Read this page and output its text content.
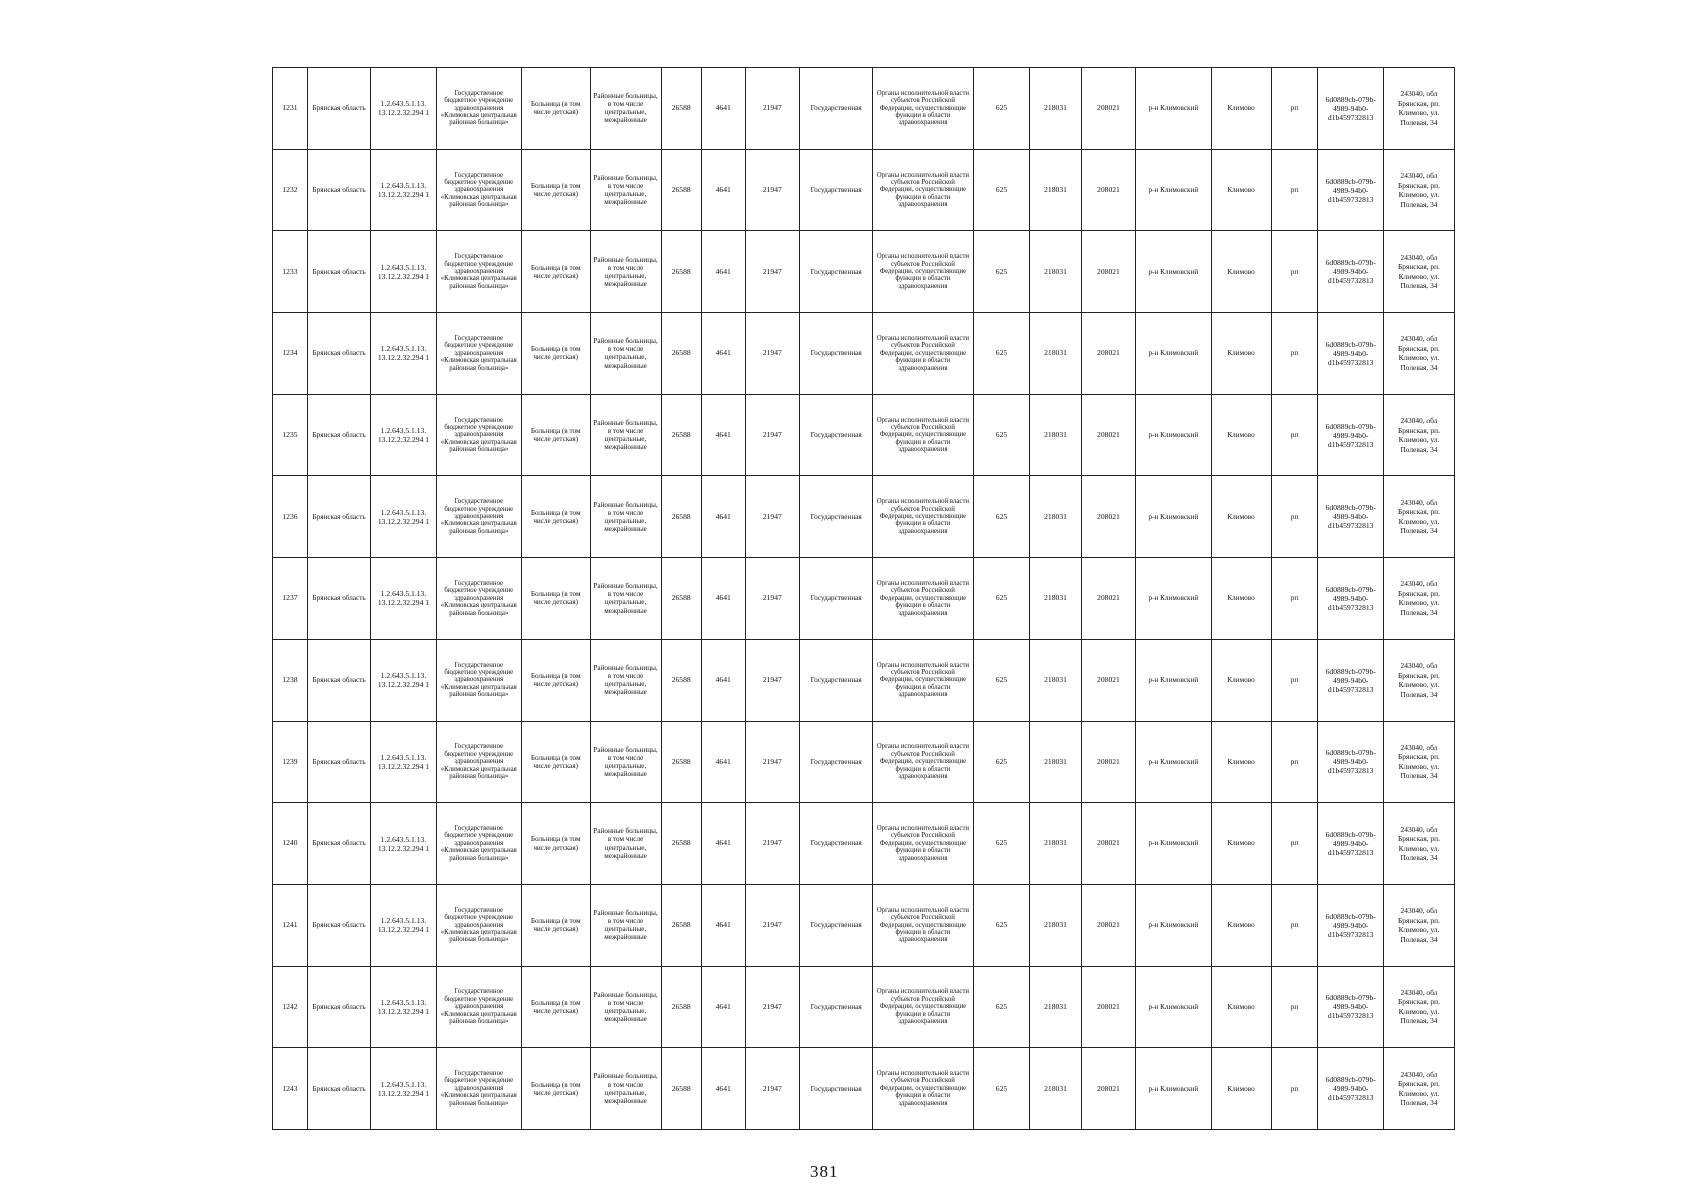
1231	Брянская область	1.2.643.5.1.13. 13.12.2.32.294 1	Государственное бюджетное учреждение здравоохранения «Климовская центральная районная больница»	Больница (в том числе детская)	Районные больницы, в том числе центральные, межрайонные	26588	4641	21947	Государственная	Органы исполнительной власти субъектов Российской Федерации, осуществляющие функции в области здравоохранения	625	218031	208021	р-н Климовский	Климово	рп	6d0889cb-079b-4989-94b0-d1b459732813	243040, обл Брянская, рп. Климово, ул. Полевая, 34
1232	Брянская область	1.2.643.5.1.13. 13.12.2.32.294 1	Государственное бюджетное учреждение здравоохранения «Климовская центральная районная больница»	Больница (в том числе детская)	Районные больницы, в том числе центральные, межрайонные	26588	4641	21947	Государственная	Органы исполнительной власти субъектов Российской Федерации, осуществляющие функции в области здравоохранения	625	218031	208021	р-н Климовский	Климово	рп	6d0889cb-079b-4989-94b0-d1b459732813	243040, обл Брянская, рп. Климово, ул. Полевая, 34
1233	Брянская область	1.2.643.5.1.13. 13.12.2.32.294 1	Государственное бюджетное учреждение здравоохранения «Климовская центральная районная больница»	Больница (в том числе детская)	Районные больницы, в том числе центральные, межрайонные	26588	4641	21947	Государственная	Органы исполнительной власти субъектов Российской Федерации, осуществляющие функции в области здравоохранения	625	218031	208021	р-н Климовский	Климово	рп	6d0889cb-079b-4989-94b0-d1b459732813	243040, обл Брянская, рп. Климово, ул. Полевая, 34
1234	Брянская область	1.2.643.5.1.13. 13.12.2.32.294 1	Государственное бюджетное учреждение здравоохранения «Климовская центральная районная больница»	Больница (в том числе детская)	Районные больницы, в том числе центральные, межрайонные	26588	4641	21947	Государственная	Органы исполнительной власти субъектов Российской Федерации, осуществляющие функции в области здравоохранения	625	218031	208021	р-н Климовский	Климово	рп	6d0889cb-079b-4989-94b0-d1b459732813	243040, обл Брянская, рп. Климово, ул. Полевая, 34
1235	Брянская область	1.2.643.5.1.13. 13.12.2.32.294 1	Государственное бюджетное учреждение здравоохранения «Климовская центральная районная больница»	Больница (в том числе детская)	Районные больницы, в том числе центральные, межрайонные	26588	4641	21947	Государственная	Органы исполнительной власти субъектов Российской Федерации, осуществляющие функции в области здравоохранения	625	218031	208021	р-н Климовский	Климово	рп	6d0889cb-079b-4989-94b0-d1b459732813	243040, обл Брянская, рп. Климово, ул. Полевая, 34
1236	Брянская область	1.2.643.5.1.13. 13.12.2.32.294 1	Государственное бюджетное учреждение здравоохранения «Климовская центральная районная больница»	Больница (в том числе детская)	Районные больницы, в том числе центральные, межрайонные	26588	4641	21947	Государственная	Органы исполнительной власти субъектов Российской Федерации, осуществляющие функции в области здравоохранения	625	218031	208021	р-н Климовский	Климово	рп	6d0889cb-079b-4989-94b0-d1b459732813	243040, обл Брянская, рп. Климово, ул. Полевая, 34
1237	Брянская область	1.2.643.5.1.13. 13.12.2.32.294 1	Государственное бюджетное учреждение здравоохранения «Климовская центральная районная больница»	Больница (в том числе детская)	Районные больницы, в том числе центральные, межрайонные	26588	4641	21947	Государственная	Органы исполнительной власти субъектов Российской Федерации, осуществляющие функции в области здравоохранения	625	218031	208021	р-н Климовский	Климово	рп	6d0889cb-079b-4989-94b0-d1b459732813	243040, обл Брянская, рп. Климово, ул. Полевая, 34
1238	Брянская область	1.2.643.5.1.13. 13.12.2.32.294 1	Государственное бюджетное учреждение здравоохранения «Климовская центральная районная больница»	Больница (в том числе детская)	Районные больницы, в том числе центральные, межрайонные	26588	4641	21947	Государственная	Органы исполнительной власти субъектов Российской Федерации, осуществляющие функции в области здравоохранения	625	218031	208021	р-н Климовский	Климово	рп	6d0889cb-079b-4989-94b0-d1b459732813	243040, обл Брянская, рп. Климово, ул. Полевая, 34
1239	Брянская область	1.2.643.5.1.13. 13.12.2.32.294 1	Государственное бюджетное учреждение здравоохранения «Климовская центральная районная больница»	Больница (в том числе детская)	Районные больницы, в том числе центральные, межрайонные	26588	4641	21947	Государственная	Органы исполнительной власти субъектов Российской Федерации, осуществляющие функции в области здравоохранения	625	218031	208021	р-н Климовский	Климово	рп	6d0889cb-079b-4989-94b0-d1b459732813	243040, обл Брянская, рп. Климово, ул. Полевая, 34
1240	Брянская область	1.2.643.5.1.13. 13.12.2.32.294 1	Государственное бюджетное учреждение здравоохранения «Климовская центральная районная больница»	Больница (в том числе детская)	Районные больницы, в том числе центральные, межрайонные	26588	4641	21947	Государственная	Органы исполнительной власти субъектов Российской Федерации, осуществляющие функции в области здравоохранения	625	218031	208021	р-н Климовский	Климово	рп	6d0889cb-079b-4989-94b0-d1b459732813	243040, обл Брянская, рп. Климово, ул. Полевая, 34
1241	Брянская область	1.2.643.5.1.13. 13.12.2.32.294 1	Государственное бюджетное учреждение здравоохранения «Климовская центральная районная больница»	Больница (в том числе детская)	Районные больницы, в том числе центральные, межрайонные	26588	4641	21947	Государственная	Органы исполнительной власти субъектов Российской Федерации, осуществляющие функции в области здравоохранения	625	218031	208021	р-н Климовский	Климово	рп	6d0889cb-079b-4989-94b0-d1b459732813	243040, обл Брянская, рп. Климово, ул. Полевая, 34
1242	Брянская область	1.2.643.5.1.13. 13.12.2.32.294 1	Государственное бюджетное учреждение здравоохранения «Климовская центральная районная больница»	Больница (в том числе детская)	Районные больницы, в том числе центральные, межрайонные	26588	4641	21947	Государственная	Органы исполнительной власти субъектов Российской Федерации, осуществляющие функции в области здравоохранения	625	218031	208021	р-н Климовский	Климово	рп	6d0889cb-079b-4989-94b0-d1b459732813	243040, обл Брянская, рп. Климово, ул. Полевая, 34
1243	Брянская область	1.2.643.5.1.13. 13.12.2.32.294 1	Государственное бюджетное учреждение здравоохранения «Климовская центральная районная больница»	Больница (в том числе детская)	Районные больницы, в том числе центральные, межрайонные	26588	4641	21947	Государственная	Органы исполнительной власти субъектов Российской Федерации, осуществляющие функции в области здравоохранения	625	218031	208021	р-н Климовский	Климово	рп	6d0889cb-079b-4989-94b0-d1b459732813	243040, обл Брянская, рп. Климово, ул. Полевая, 34
381
